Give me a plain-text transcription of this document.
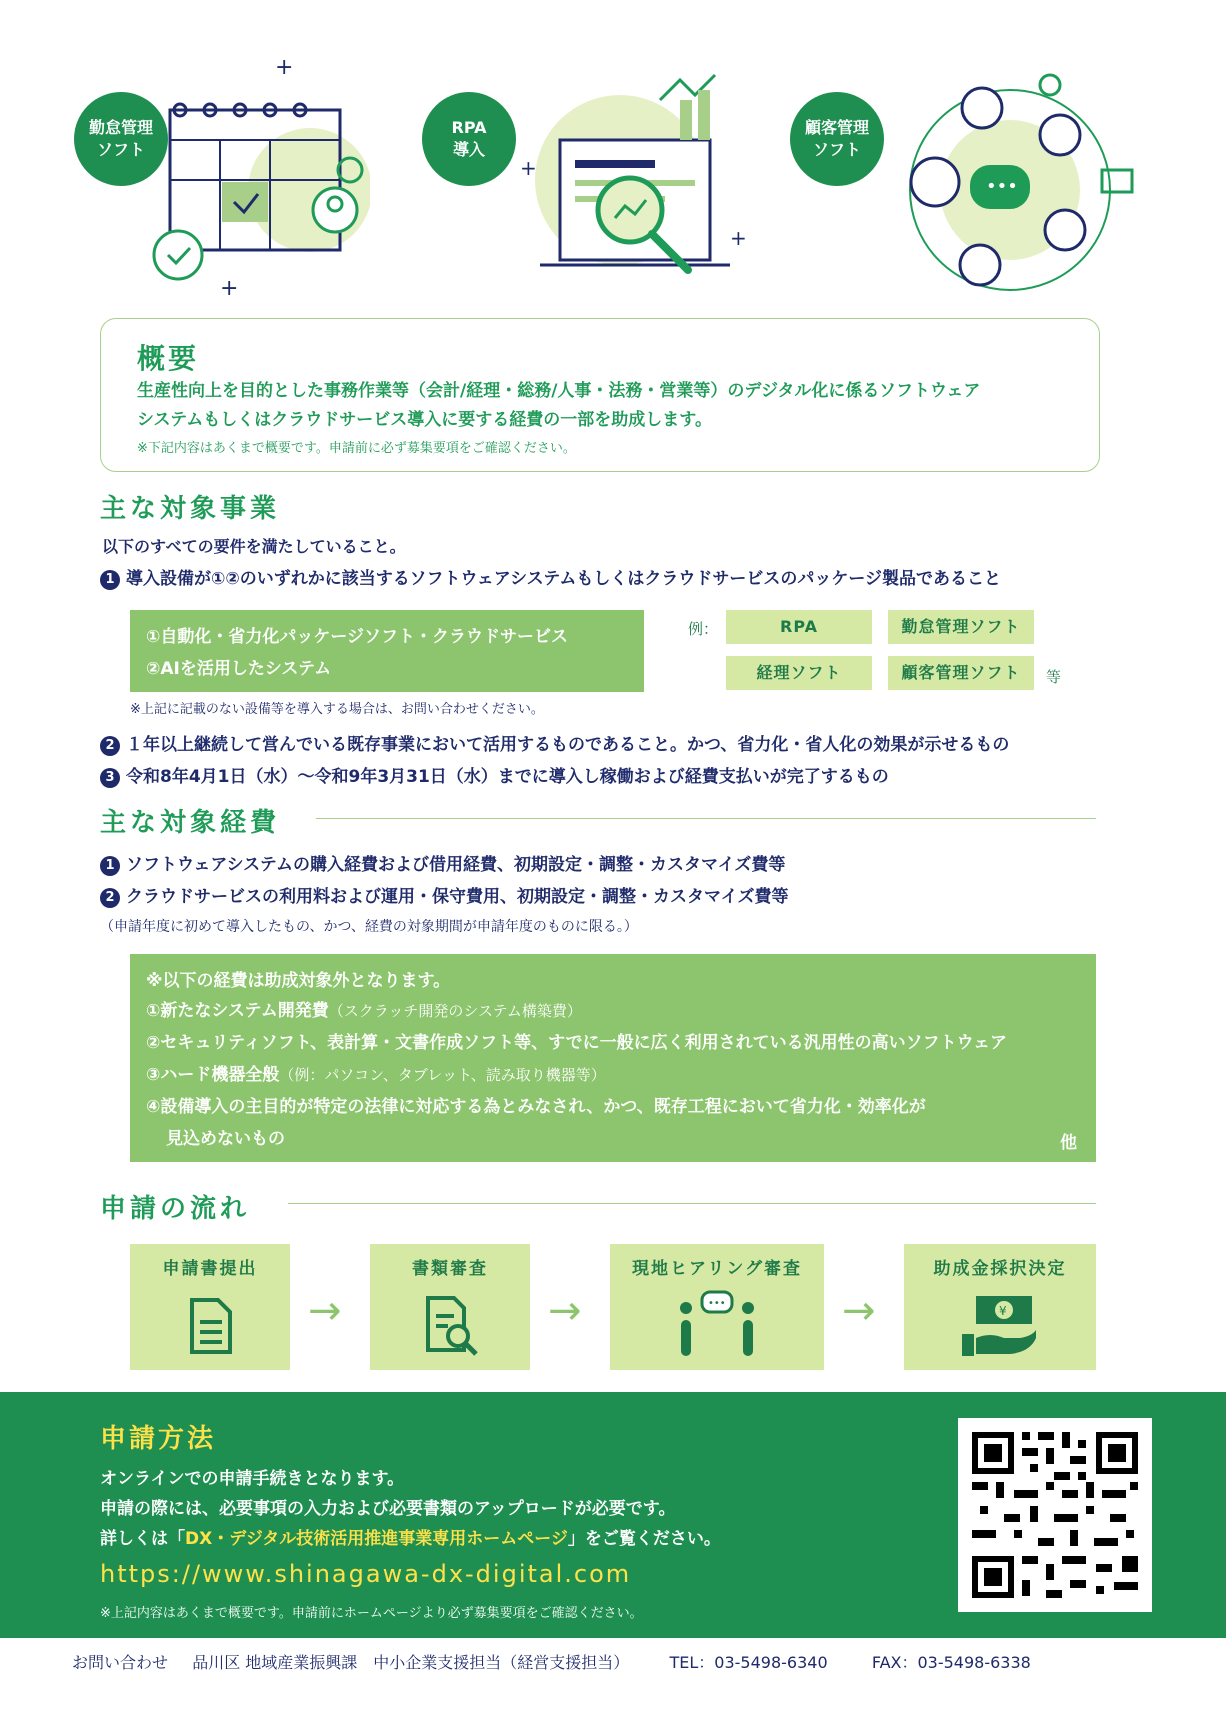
+
+
勤怠管理
ソフト
+
+
RPA
導入
•••
顧客管理
ソフト
概要
生産性向上を目的とした事務作業等（会計/経理・総務/人事・法務・営業等）のデジタル化に係るソフトウェア
システムもしくはクラウドサービス導入に要する経費の一部を助成します。
※下記内容はあくまで概要です。申請前に必ず募集要項をご確認ください。
主な対象事業
以下のすべての要件を満たしていること。
1 導入設備が①②のいずれかに該当するソフトウェアシステムもしくはクラウドサービスのパッケージ製品であること
①自動化・省力化パッケージソフト・クラウドサービス
②AIを活用したシステム
※上記に記載のない設備等を導入する場合は、お問い合わせください。
例：	RPA	勤怠管理ソフト
経理ソフト	顧客管理ソフト	等
2 １年以上継続して営んでいる既存事業において活用するものであること。かつ、省力化・省人化の効果が示せるもの
3 令和8年4月1日（水）～令和9年3月31日（水）までに導入し稼働および経費支払いが完了するもの
主な対象経費
1 ソフトウェアシステムの購入経費および借用経費、初期設定・調整・カスタマイズ費等
2 クラウドサービスの利用料および運用・保守費用、初期設定・調整・カスタマイズ費等
（申請年度に初めて導入したもの、かつ、経費の対象期間が申請年度のものに限る。）
※以下の経費は助成対象外となります。
①新たなシステム開発費（スクラッチ開発のシステム構築費）
②セキュリティソフト、表計算・文書作成ソフト等、すでに一般に広く利用されている汎用性の高いソフトウェア
③ハード機器全般（例：パソコン、タブレット、読み取り機器等）
④設備導入の主目的が特定の法律に対応する為とみなされ、かつ、既存工程において省力化・効率化が
見込めないもの	他
申請の流れ
申請書提出
→
書類審査
→
現地ヒアリング審査
•••	→
助成金採択決定
¥
申請方法
オンラインでの申請手続きとなります。
申請の際には、必要事項の入力および必要書類のアップロードが必要です。
詳しくは「DX・デジタル技術活用推進事業専用ホームページ」をご覧ください。
https://www.shinagawa-dx-digital.com
※上記内容はあくまで概要です。申請前にホームページより必ず募集要項をご確認ください。
お問い合わせ 品川区 地域産業振興課　中小企業支援担当（経営支援担当）	TEL：03-5498-6340	FAX：03-5498-6338
